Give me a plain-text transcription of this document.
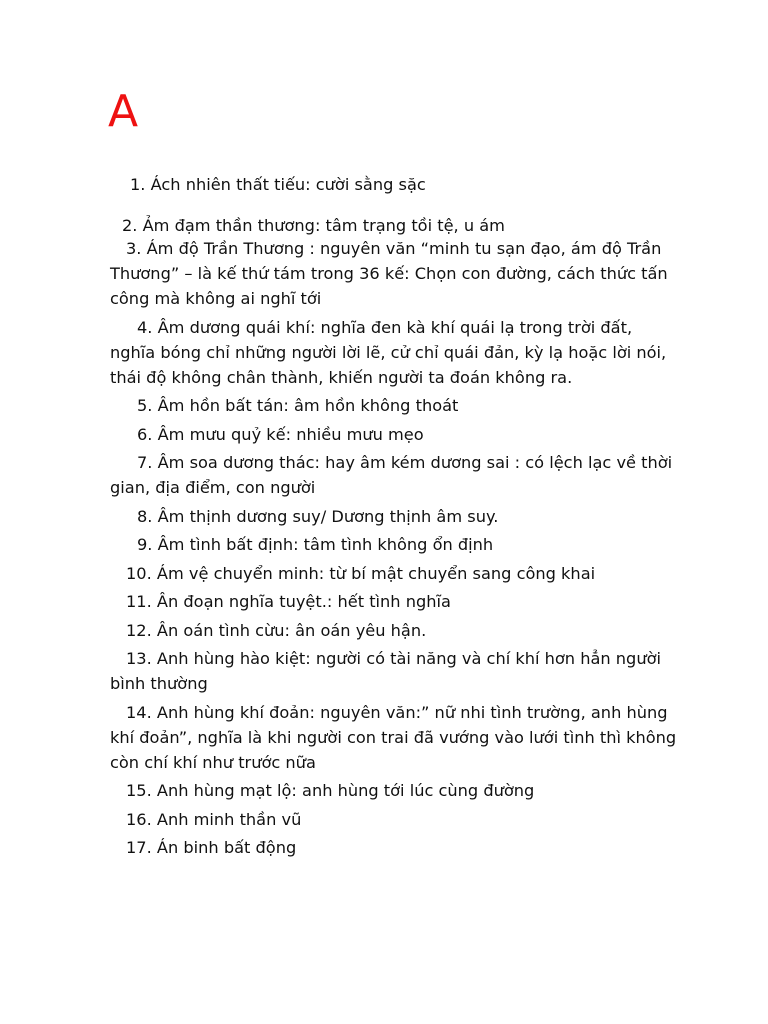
A
1. Ách nhiên thất tiếu: cười sằng sặc
2. Ảm đạm thần thương: tâm trạng tồi tệ, u ám
3. Ám độ Trần Thương : nguyên văn “minh tu sạn đạo, ám độ Trần Thương” – là kế thứ tám trong 36 kế: Chọn con đường, cách thức tấn công mà không ai nghĩ tới
4. Âm dương quái khí: nghĩa đen kà khí quái lạ trong trời đất, nghĩa bóng chỉ những người lời lẽ, cử chỉ quái đản, kỳ lạ hoặc lời nói, thái độ không chân thành, khiến người ta đoán không ra.
5. Âm hồn bất tán: âm hồn không thoát
6. Âm mưu quỷ kế: nhiều mưu mẹo
7. Âm soa dương thác: hay âm kém dương sai : có lệch lạc về thời gian, địa điểm, con người
8. Âm thịnh dương suy/ Dương thịnh âm suy.
9. Âm tình bất định: tâm tình không ổn định
10. Ám vệ chuyển minh: từ bí mật chuyển sang công khai
11. Ân đoạn nghĩa tuyệt.: hết tình nghĩa
12. Ân oán tình cừu: ân oán yêu hận.
13. Anh hùng hào kiệt: người có tài năng và chí khí hơn hẳn người bình thường
14. Anh hùng khí đoản: nguyên văn:” nữ nhi tình trường, anh hùng khí đoản”, nghĩa là khi người con trai đã vướng vào lưới tình thì không còn chí khí như trước nữa
15. Anh hùng mạt lộ: anh hùng tới lúc cùng đường
16. Anh minh thần vũ
17. Án binh bất động
